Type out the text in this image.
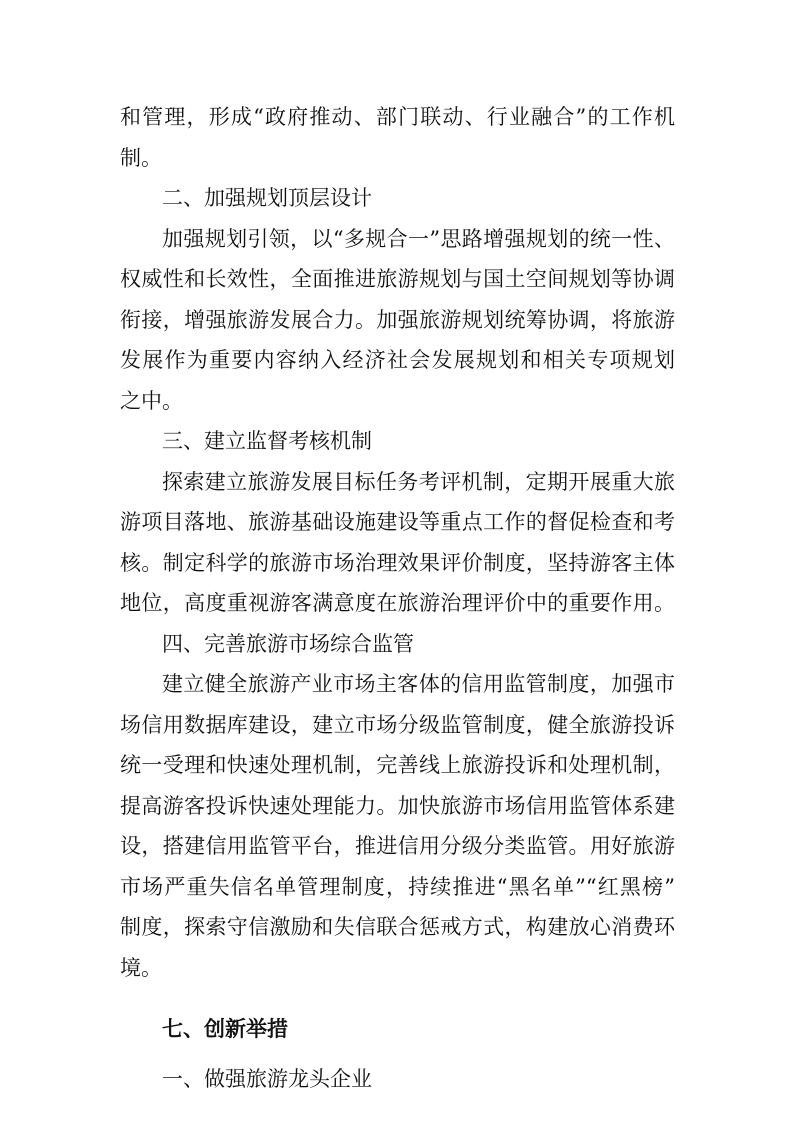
和管理，形成“政府推动、部门联动、行业融合”的工作机
制。
二、加强规划顶层设计
加强规划引领，以“多规合一”思路增强规划的统一性、
权威性和长效性，全面推进旅游规划与国土空间规划等协调
衔接，增强旅游发展合力。加强旅游规划统筹协调，将旅游
发展作为重要内容纳入经济社会发展规划和相关专项规划
之中。
三、建立监督考核机制
探索建立旅游发展目标任务考评机制，定期开展重大旅
游项目落地、旅游基础设施建设等重点工作的督促检查和考
核。制定科学的旅游市场治理效果评价制度，坚持游客主体
地位，高度重视游客满意度在旅游治理评价中的重要作用。
四、完善旅游市场综合监管
建立健全旅游产业市场主客体的信用监管制度，加强市
场信用数据库建设，建立市场分级监管制度，健全旅游投诉
统一受理和快速处理机制，完善线上旅游投诉和处理机制，
提高游客投诉快速处理能力。加快旅游市场信用监管体系建
设，搭建信用监管平台，推进信用分级分类监管。用好旅游
市场严重失信名单管理制度，持续推进“黑名单”“红黑榜”
制度，探索守信激励和失信联合惩戒方式，构建放心消费环
境。
七、创新举措
一、做强旅游龙头企业
